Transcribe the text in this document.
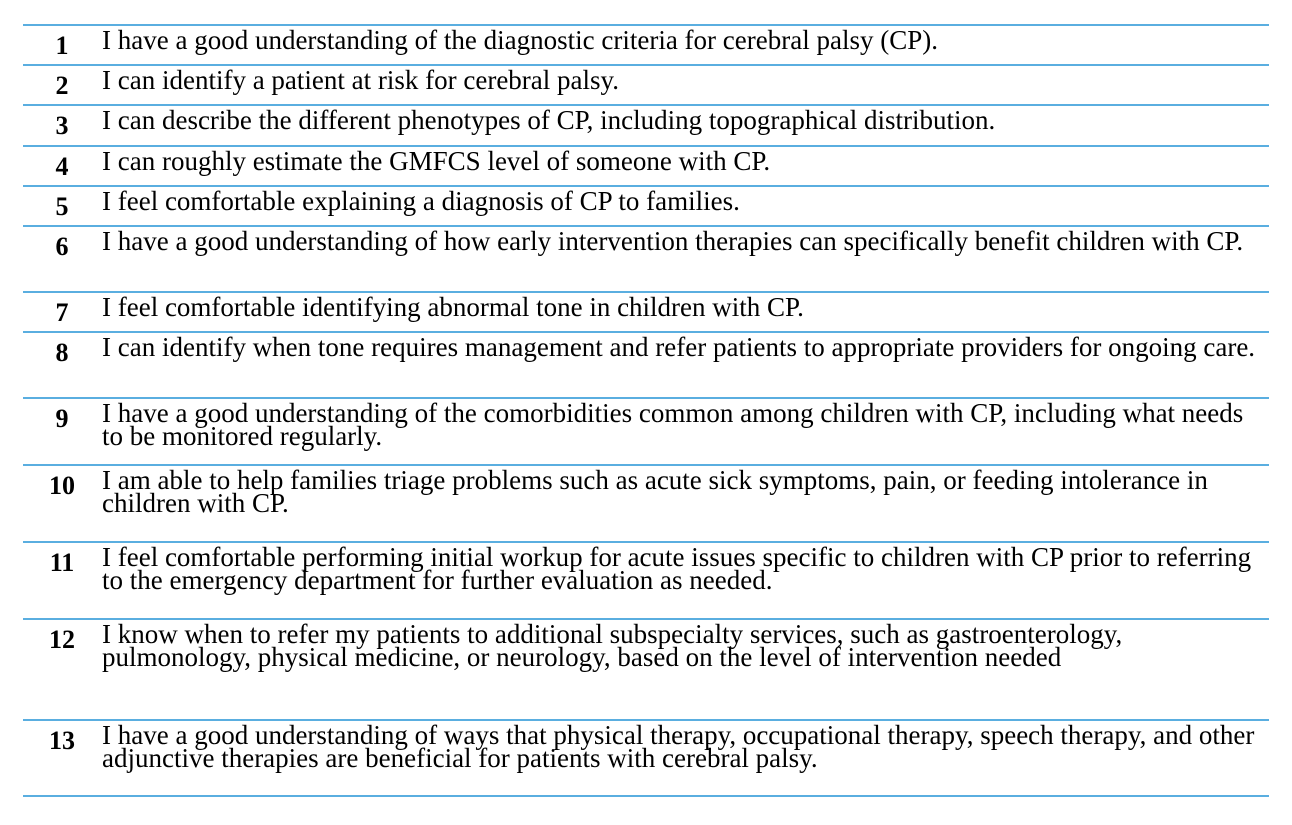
1	I have a good understanding of the diagnostic criteria for cerebral palsy (CP).
2	I can identify a patient at risk for cerebral palsy.
3	I can describe the different phenotypes of CP, including topographical distribution.
4	I can roughly estimate the GMFCS level of someone with CP.
5	I feel comfortable explaining a diagnosis of CP to families.
6	I have a good understanding of how early intervention therapies can specifically benefit children with CP.
7	I feel comfortable identifying abnormal tone in children with CP.
8	I can identify when tone requires management and refer patients to appropriate providers for ongoing care.
9	I have a good understanding of the comorbidities common among children with CP, including what needs to be monitored regularly.
10	I am able to help families triage problems such as acute sick symptoms, pain, or feeding intolerance in children with CP.
11	I feel comfortable performing initial workup for acute issues specific to children with CP prior to referring to the emergency department for further evaluation as needed.
12	I know when to refer my patients to additional subspecialty services, such as gastroenterology, pulmonology, physical medicine, or neurology, based on the level of intervention needed
13	I have a good understanding of ways that physical therapy, occupational therapy, speech therapy, and other adjunctive therapies are beneficial for patients with cerebral palsy.
